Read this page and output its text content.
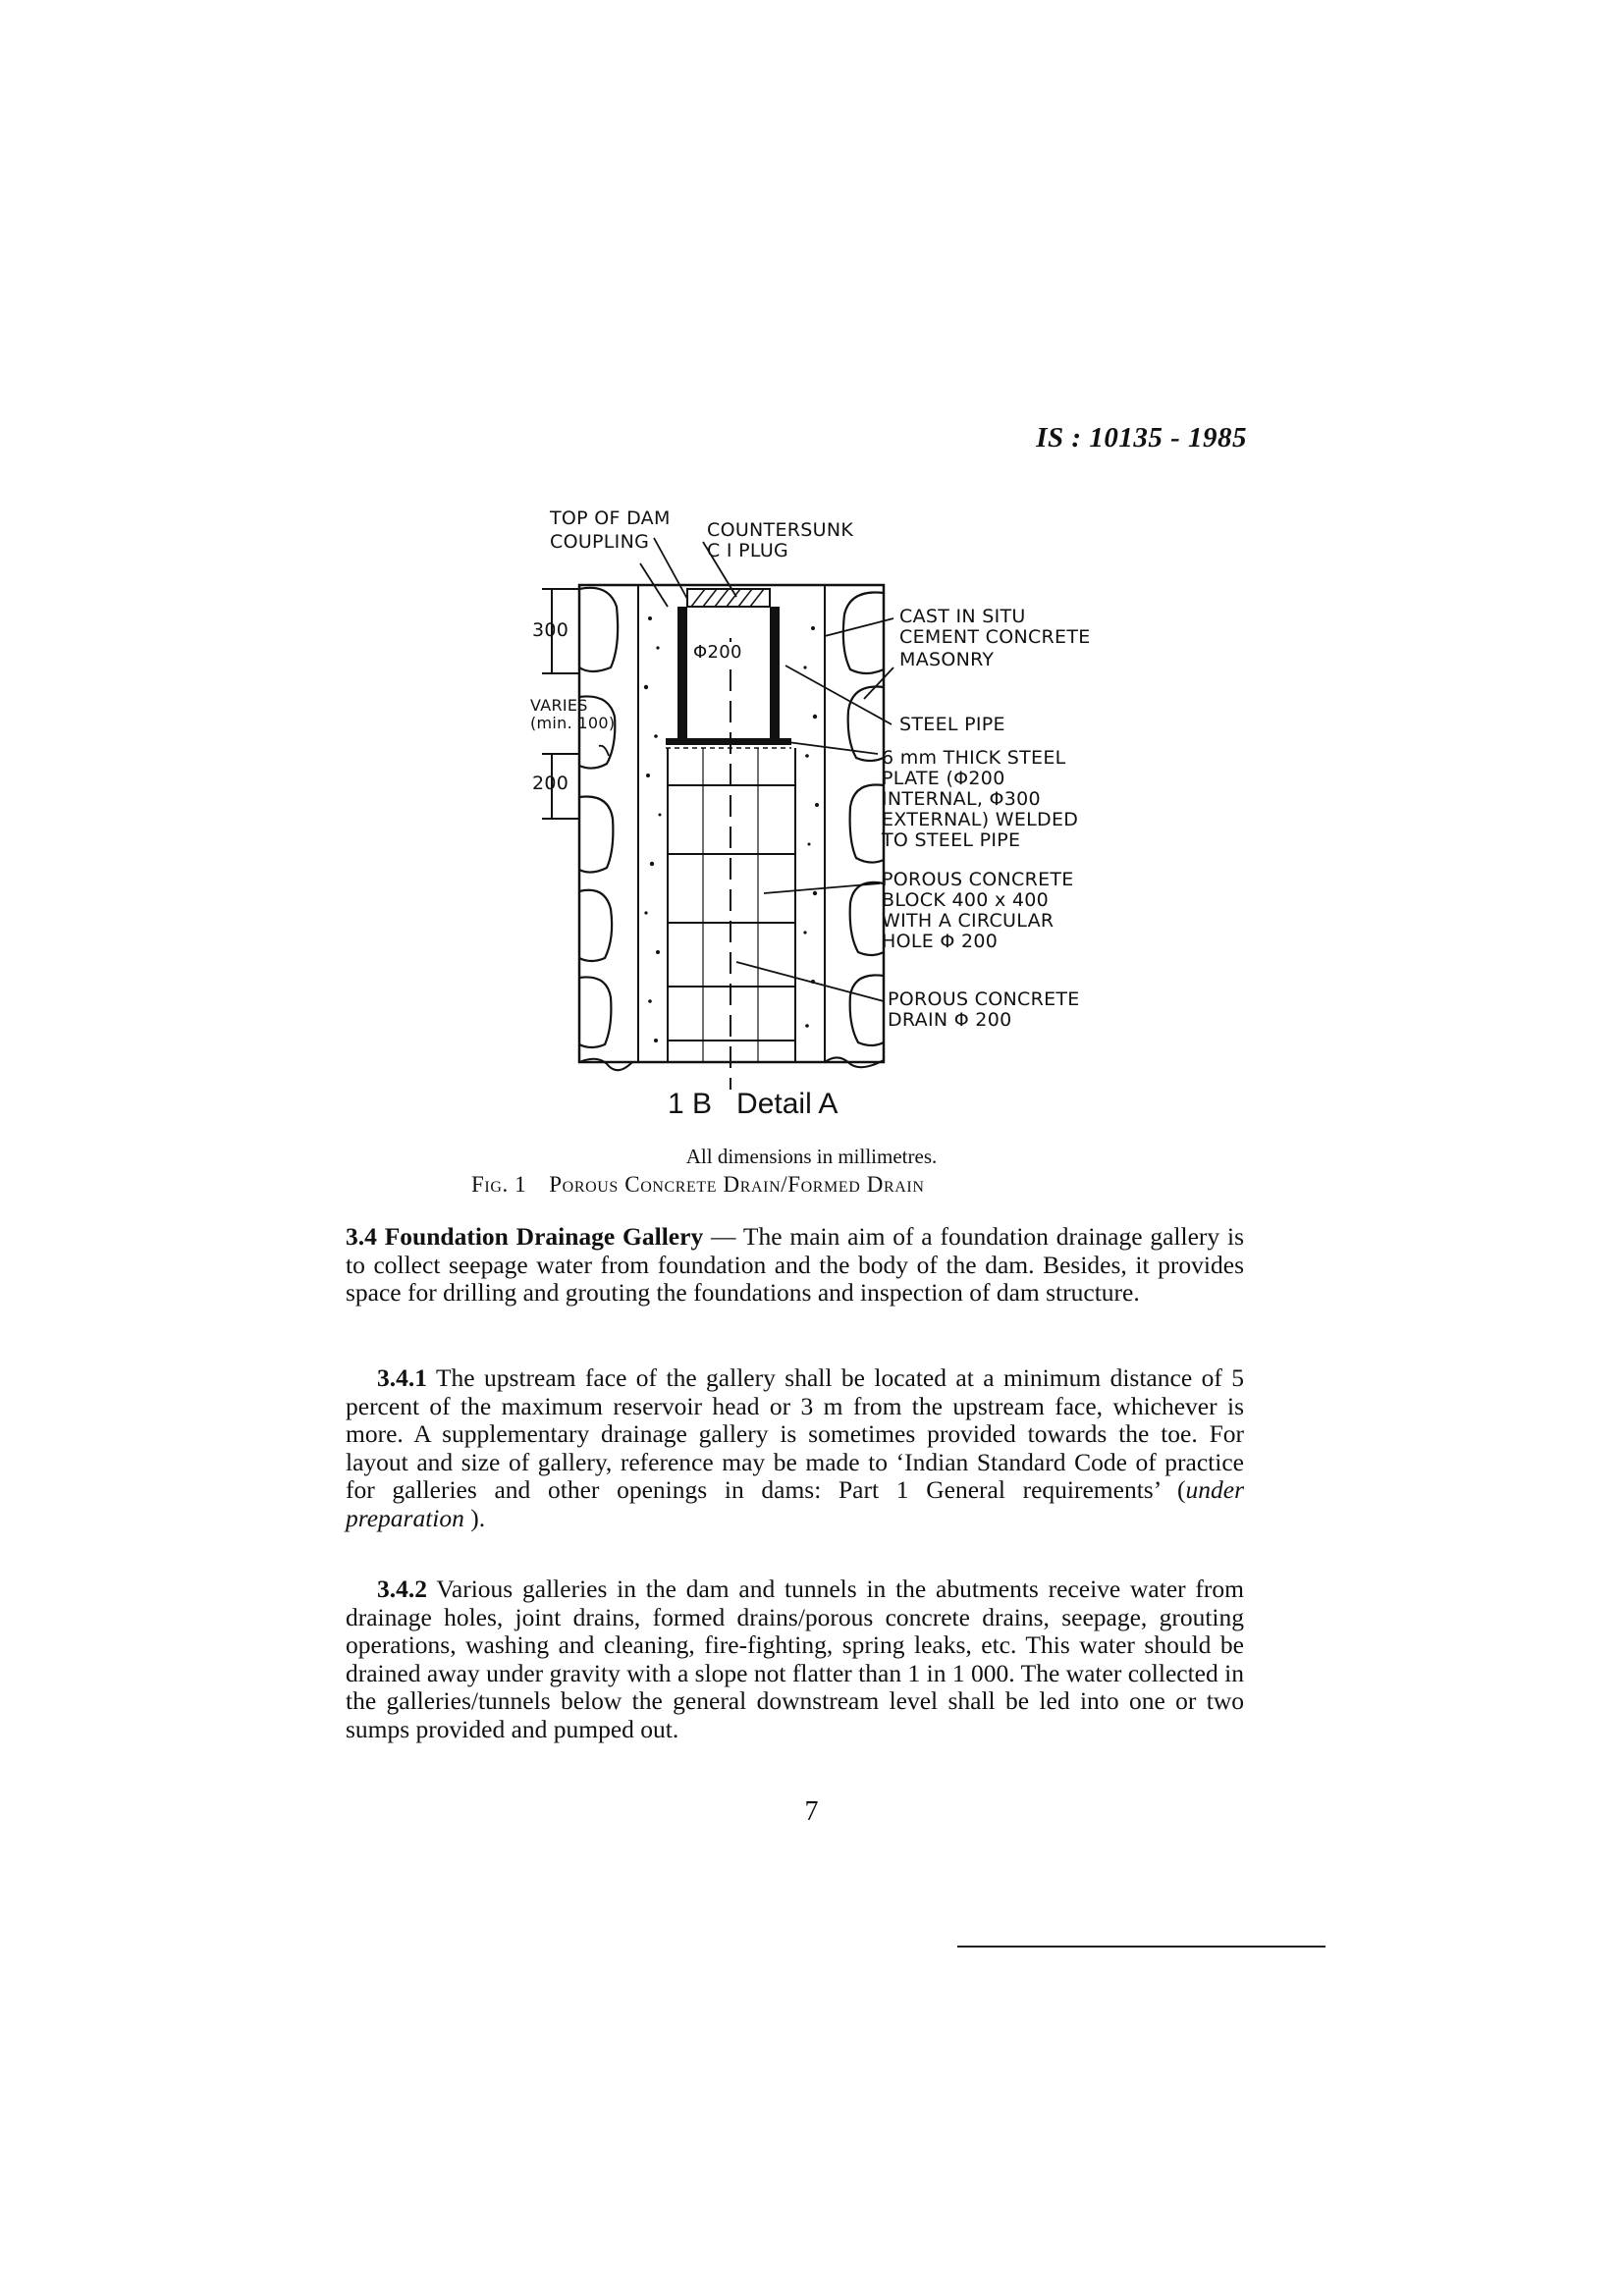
IS : 10135 - 1985
TOP OF DAM
COUPLING
COUNTERSUNK
C I PLUG
300
VARIES
(min. 100)
200
Φ200
CAST IN SITU
CEMENT CONCRETE
MASONRY
STEEL PIPE
6 mm THICK STEEL
PLATE (Φ200
INTERNAL, Φ300
EXTERNAL) WELDED
TO STEEL PIPE
POROUS CONCRETE
BLOCK 400 x 400
WITH A CIRCULAR
HOLE Φ 200
POROUS CONCRETE
DRAIN Φ 200
1 B   Detail A
All dimensions in millimetres.
Fig. 1 Porous Concrete Drain/Formed Drain
3.4 Foundation Drainage Gallery — The main aim of a foundation drainage gallery is to collect seepage water from foundation and the body of the dam. Besides, it provides space for drilling and grouting the foundations and inspection of dam structure.
3.4.1 The upstream face of the gallery shall be located at a minimum distance of 5 percent of the maximum reservoir head or 3 m from the upstream face, whichever is more. A supplementary drainage gallery is sometimes provided towards the toe. For layout and size of gallery, reference may be made to ‘Indian Standard Code of practice for galleries and other openings in dams: Part 1 General requirements’ (under preparation ).
3.4.2 Various galleries in the dam and tunnels in the abutments receive water from drainage holes, joint drains, formed drains/porous concrete drains, seepage, grouting operations, washing and cleaning, fire-fighting, spring leaks, etc. This water should be drained away under gravity with a slope not flatter than 1 in 1 000. The water collected in the galleries/tunnels below the general downstream level shall be led into one or two sumps provided and pumped out.
7
